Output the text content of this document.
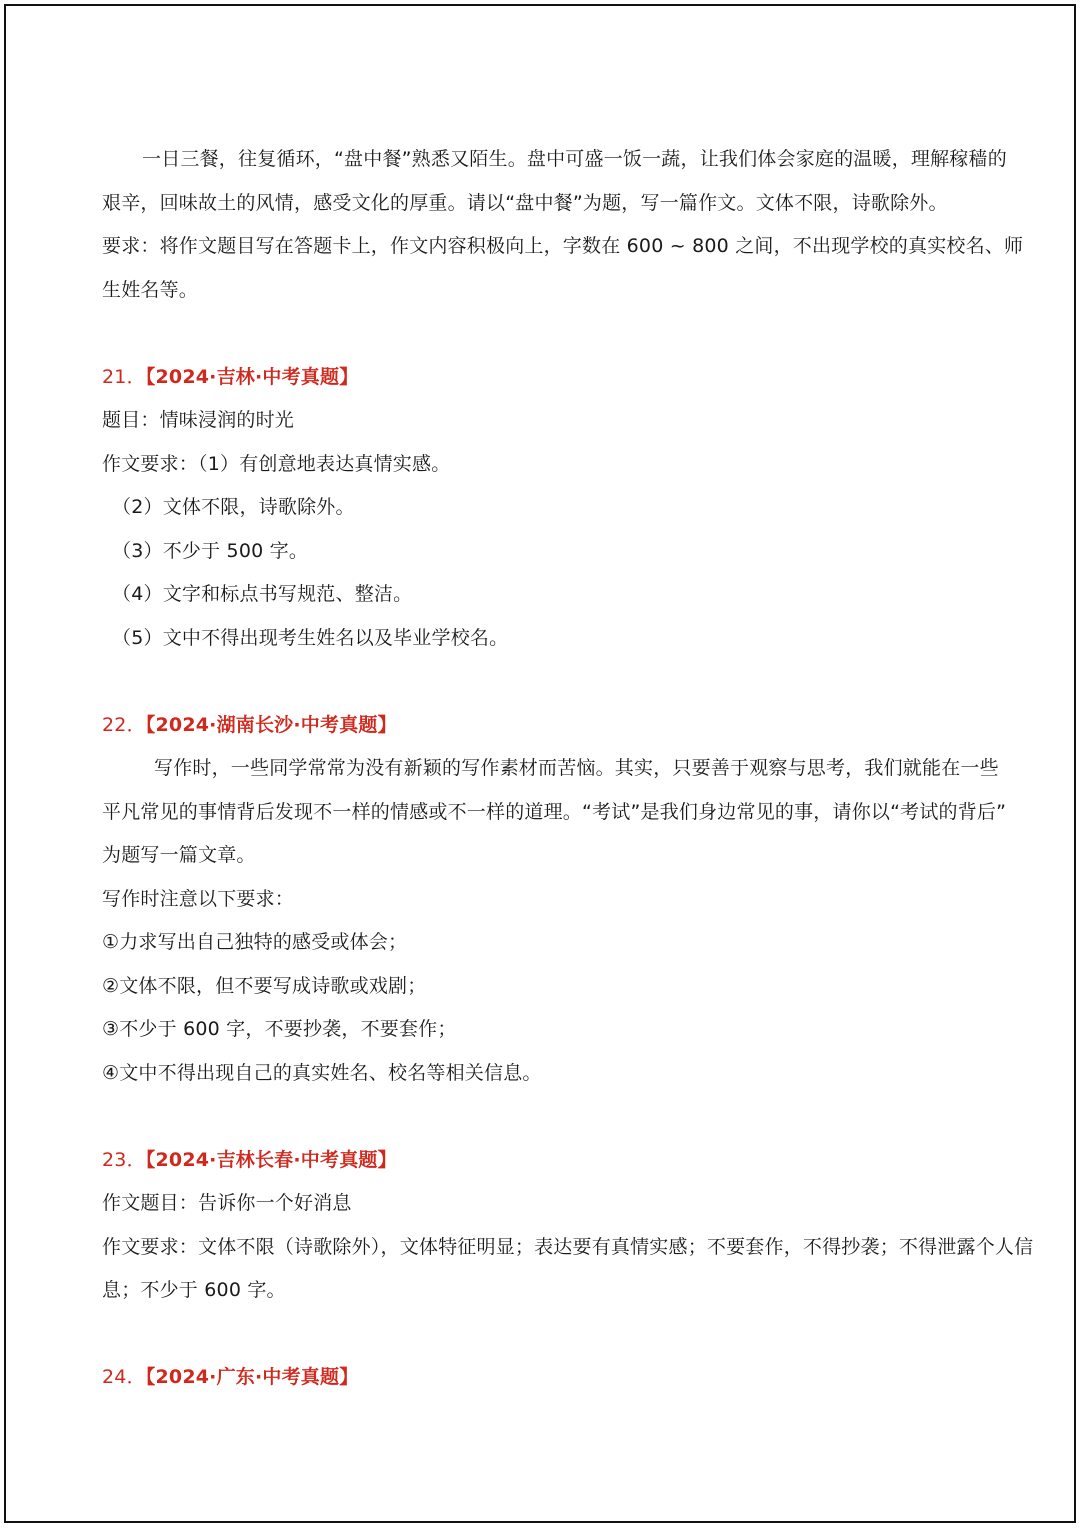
一日三餐，往复循环，“盘中餐”熟悉又陌生。盘中可盛一饭一蔬，让我们体会家庭的温暖，理解稼穑的
艰辛，回味故土的风情，感受文化的厚重。请以“盘中餐”为题，写一篇作文。文体不限，诗歌除外。
要求：将作文题目写在答题卡上，作文内容积极向上，字数在 600 ~ 800 之间，不出现学校的真实校名、师
生姓名等。
21．【2024·吉林·中考真题】
题目：情味浸润的时光
作文要求：（1）有创意地表达真情实感。
（2）文体不限，诗歌除外。
（3）不少于 500 字。
（4）文字和标点书写规范、整洁。
（5）文中不得出现考生姓名以及毕业学校名。
22．【2024·湖南长沙·中考真题】
写作时，一些同学常常为没有新颖的写作素材而苦恼。其实，只要善于观察与思考，我们就能在一些
平凡常见的事情背后发现不一样的情感或不一样的道理。“考试”是我们身边常见的事，请你以“考试的背后”
为题写一篇文章。
写作时注意以下要求：
①力求写出自己独特的感受或体会；
②文体不限，但不要写成诗歌或戏剧；
③不少于 600 字，不要抄袭，不要套作；
④文中不得出现自己的真实姓名、校名等相关信息。
23．【2024·吉林长春·中考真题】
作文题目：告诉你一个好消息
作文要求：文体不限（诗歌除外），文体特征明显；表达要有真情实感；不要套作，不得抄袭；不得泄露个人信
息；不少于 600 字。
24．【2024·广东·中考真题】
